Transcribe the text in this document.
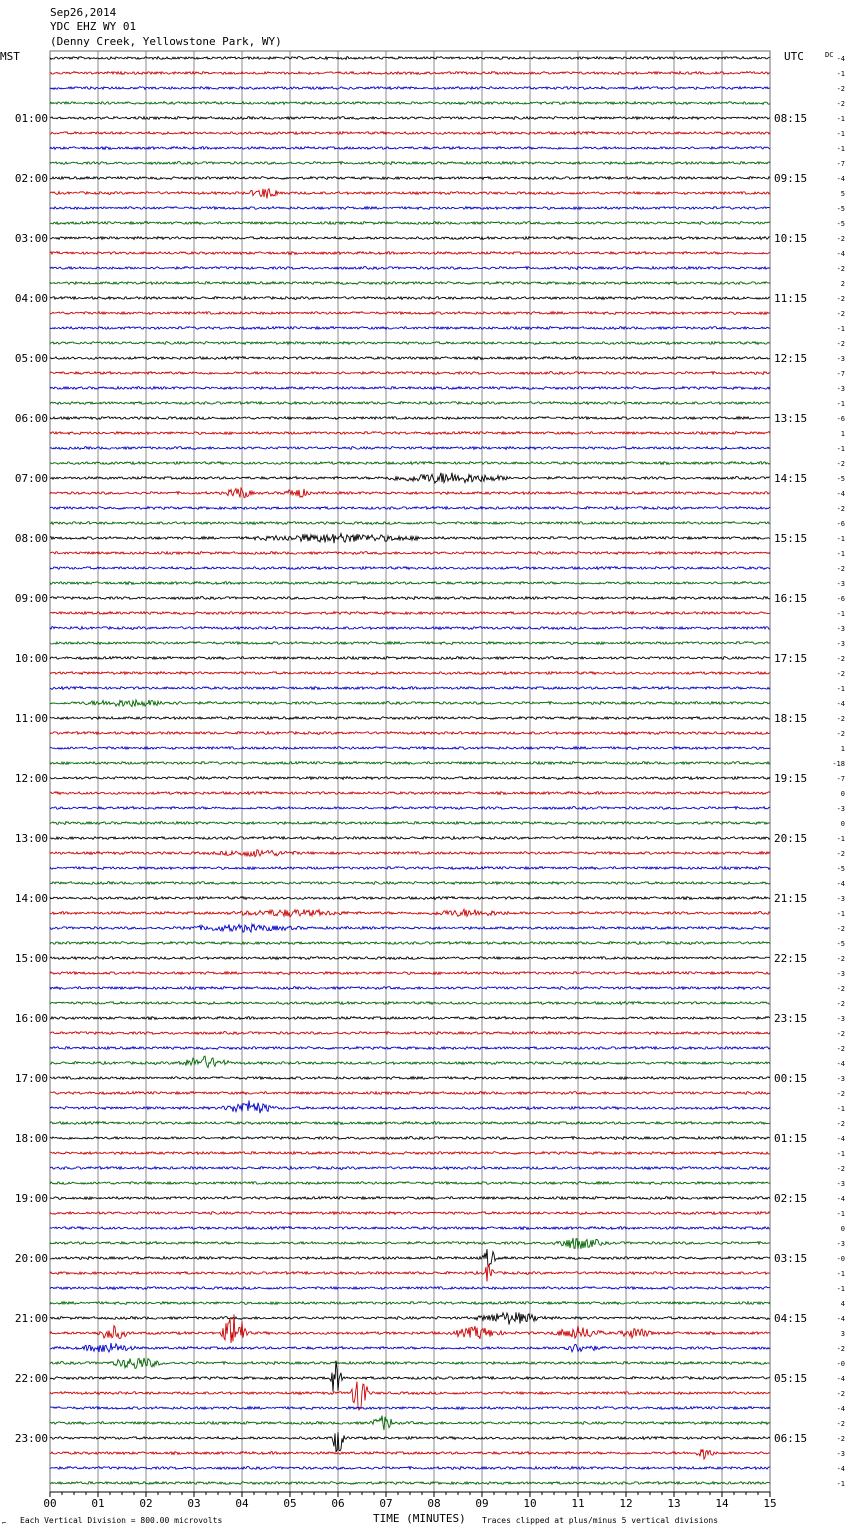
Sep26,2014
YDC EHZ WY 01
(Denny Creek, Yellowstone Park, WY)
MST	UTC	DC
01:00
02:00
03:00
04:00
05:00
06:00
07:00
08:00
09:00
10:00
11:00
12:00
13:00
14:00
15:00
16:00
17:00
18:00
19:00
20:00
21:00
22:00
23:00
08:15
09:15
10:15
11:15
12:15
13:15
14:15
15:15
16:15
17:15
18:15
19:15
20:15
21:15
22:15
23:15
00:15
01:15
02:15
03:15
04:15
05:15
06:15
-4
-1
-2
-2
-1
-1
-1
-7
-4
5
-5
-5
-2
-4
-2
2
-2
-2
-1
-2
-3
-7
-3
-1
-6
1
-1
-2
-5
-4
-2
-6
-1
-1
-2
-3
-6
-1
-3
-3
-2
-2
-1
-4
-2
-2
1
-18
-7
0
-3
0
-1
-2
-5
-4
-3
-1
-2
-5
-2
-3
-2
-2
-3
-2
-2
-4
-3
-2
-1
-2
-4
-1
-2
-3
-4
-1
0
-3
-0
-1
-1
4
-4
3
-2
-0
-4
-2
-4
-2
-2
-3
-4
-1
00	01	02	03	04	05	06	07	08	09	10	11	12	13	14	15
TIME (MINUTES)
Each Vertical Division = 800.00 microvolts	Traces clipped at plus/minus 5 vertical divisions
⌐
